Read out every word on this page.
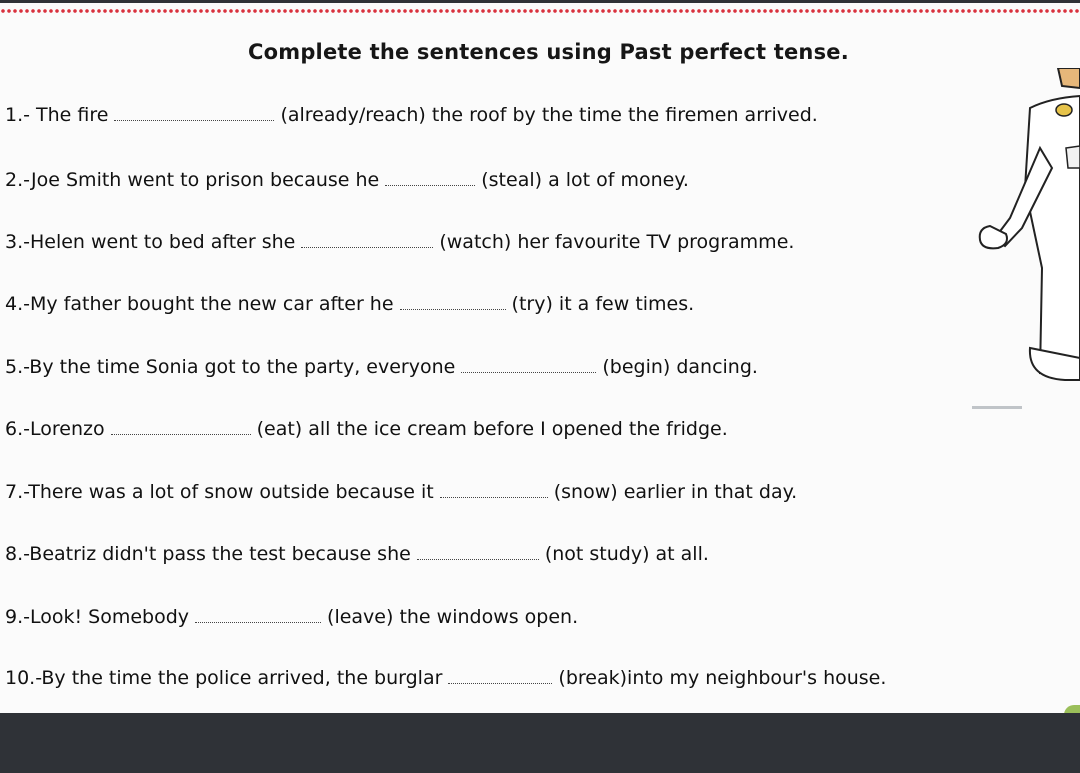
Complete the sentences using Past perfect tense.
1.- The fire	(already/reach) the roof by the time the firemen arrived.
2.-Joe Smith went to prison because he	(steal) a lot of money.
3.-Helen went to bed after she	(watch) her favourite TV programme.
4.-My father bought the new car after he	(try) it a few times.
5.-By the time Sonia got to the party, everyone	(begin) dancing.
6.-Lorenzo	(eat) all the ice cream before I opened the fridge.
7.-There was a lot of snow outside because it	(snow) earlier in that day.
8.-Beatriz didn't pass the test because she	(not study) at all.
9.-Look! Somebody	(leave) the windows open.
10.-By the time the police arrived, the burglar	(break)into my neighbour's house.
